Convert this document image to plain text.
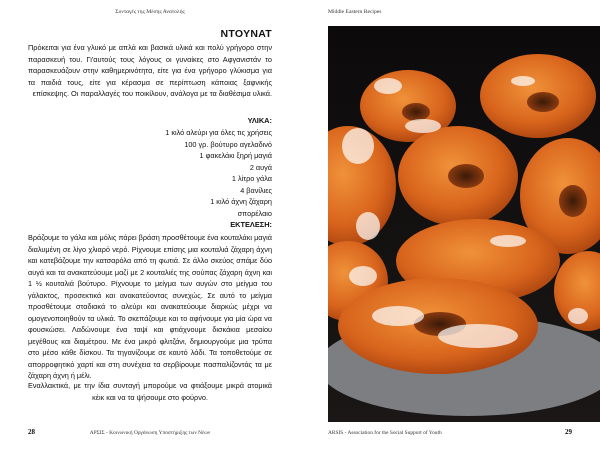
Συνταγές της Μέσης Ανατολής
ΝΤΟΥΝΑΤ
Πρόκειται για ένα γλυκό με απλά και βασικά υλικά και πολύ γρήγορο στην παρασκευή του. Γι'αυτούς τους λόγους οι γυναίκες στο Αφγανιστάν το παρασκευάζουν στην καθημερινότητα, είτε για ένα γρήγορο γλύκισμα για τα παιδιά τους, είτε για κέρασμα σε περίπτωση κάποιας ξαφνικής επίσκεψης. Οι παραλλαγές του ποικίλουν, ανάλογα με τα διαθέσιμα υλικά.
ΥΛΙΚΑ:
1 κιλό αλεύρι για όλες τις χρήσεις
100 γρ. βούτυρο αγελαδινό
1 φακελάκι ξηρή μαγιά
2 αυγά
1 λίτρο γάλα
4 βανίλιες
1 κιλό άχνη ζάχαρη
σπορέλαιο
ΕΚΤΕΛΕΣΗ:

Βράζουμε το γάλα και μόλις πάρει βράση προσθέτουμε ένα κουταλάκι μαγιά διαλυμένη σε λίγο χλιαρό νερό. Ρίχνουμε επίσης μια κουταλιά ζάχαρη άχνη και κατεβάζουμε την κατσαρόλα από τη φωτιά. Σε άλλο σκεύος σπάμε δύο αυγά και τα ανακατεύουμε μαζί με 2 κουταλιές της σούπας ζάχαρη άχνη και 1 ½ κουταλιά βούτυρο. Ρίχνουμε το μείγμα των αυγών στο μείγμα του γάλακτος, προσεκτικά και ανακατεύοντας συνεχώς. Σε αυτό το μείγμα προσθέτουμε σταδιακά το αλεύρι και ανακατεύουμε διαρκώς μέχρι να ομογενοποιηθούν τα υλικά. Το σκεπάζουμε και το αφήνουμε για μία ώρα να φουσκώσει. Λαδώνουμε ένα ταψί και φτιάχνουμε δισκάκια μεσαίου μεγέθους και διαμέτρου. Με ένα μικρό φλιτζάνι, δημιουργούμε μια τρύπα στο μέσο κάθε δίσκου. Τα τηγανίζουμε σε καυτό λάδι. Τα τοποθετούμε σε απορροφητικό χαρτί και στη συνέχεια τα σερβίρουμε πασπαλίζοντάς τα με ζάχαρη άχνη ή μέλι.

Εναλλακτικά, με την ίδια συνταγή μπορούμε να φτιάξουμε μικρά ατομικά κέικ και να τα ψήσουμε στο φούρνο.

28	ΑΡΣΙΣ - Κοινωνική Οργάνωση Υποστήριξης των Νέων
Middle Eastern Recipes
29
ARSIS - Association for the Social Support of Youth
